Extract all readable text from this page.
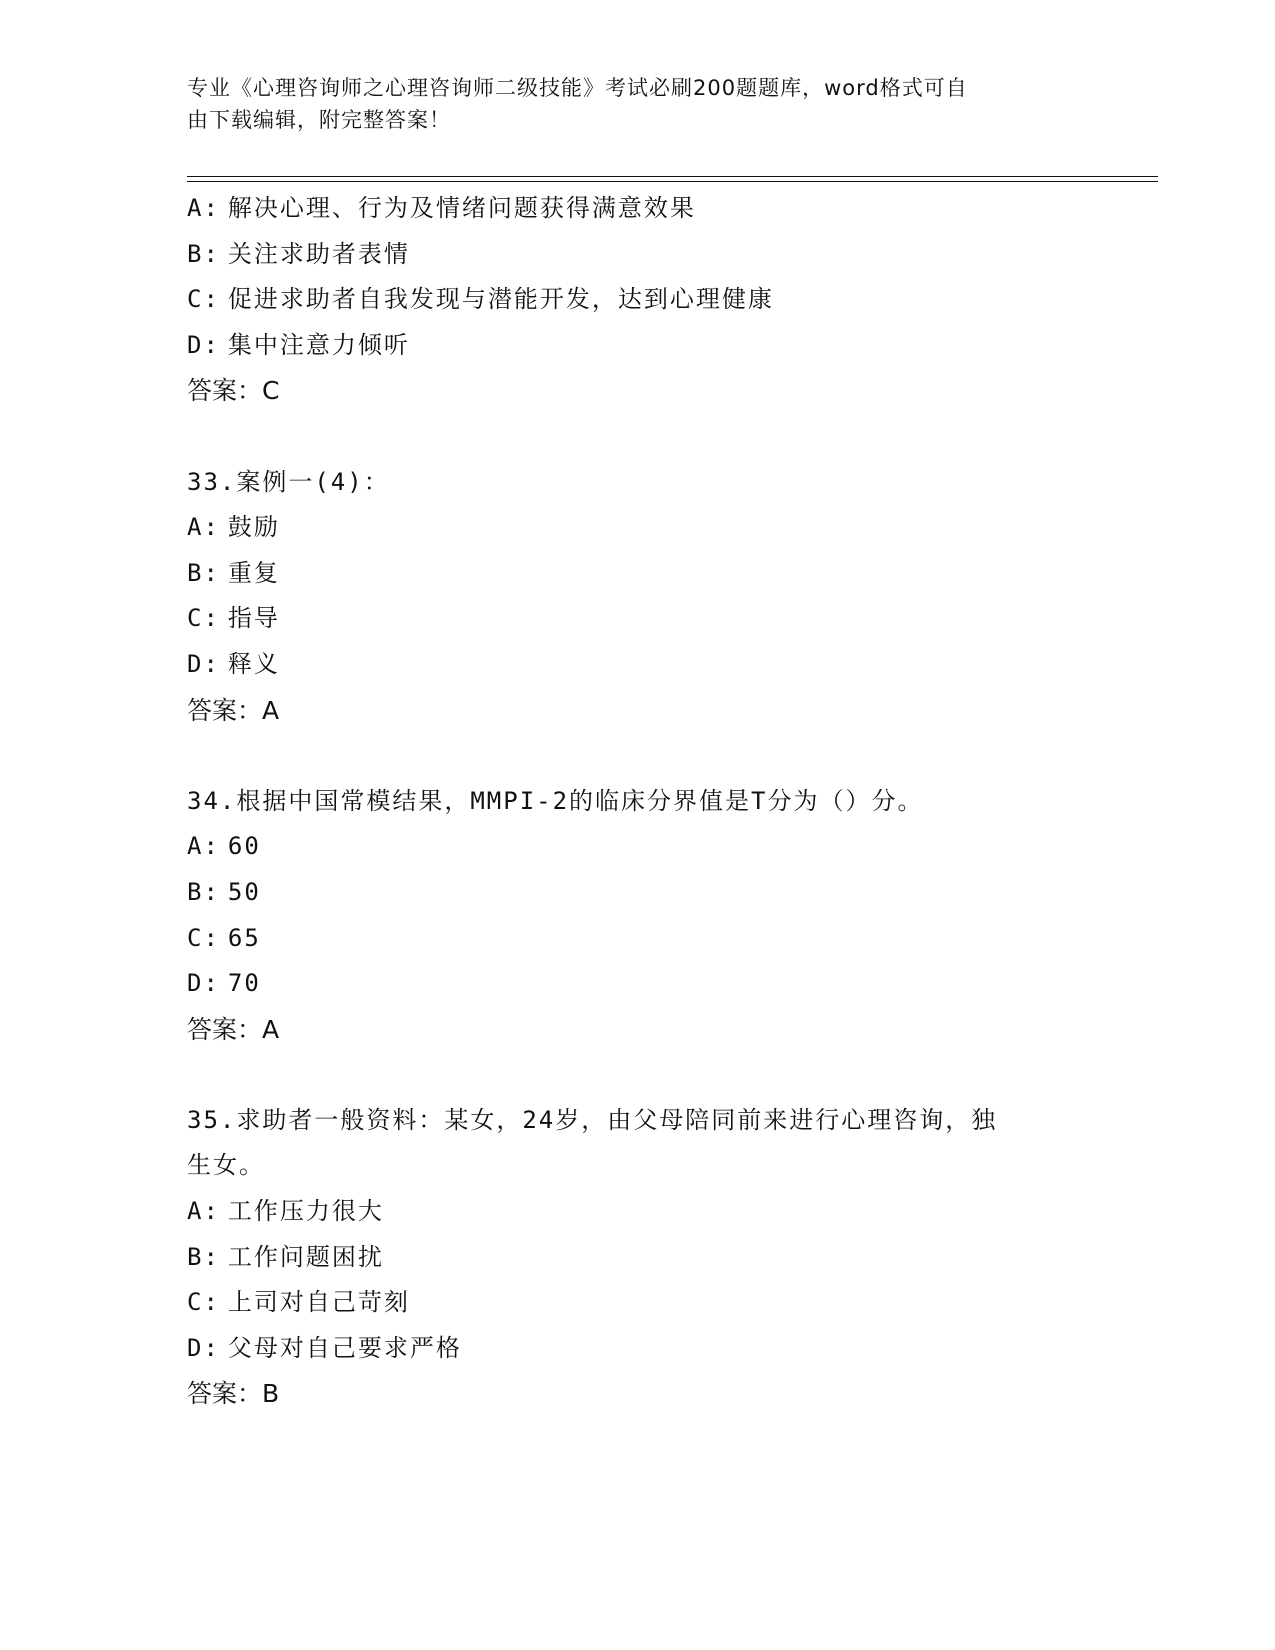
专业《心理咨询师之心理咨询师二级技能》考试必刷200题题库，word格式可自
由下载编辑，附完整答案！
A: 解决心理、行为及情绪问题获得满意效果
B: 关注求助者表情
C: 促进求助者自我发现与潜能开发，达到心理健康
D: 集中注意力倾听
答案：C
33.案例一(4)：
A: 鼓励
B: 重复
C: 指导
D: 释义
答案：A
34.根据中国常模结果，MMPI-2的临床分界值是T分为（）分。
A: 60
B: 50
C: 65
D: 70
答案：A
35.求助者一般资料：某女，24岁，由父母陪同前来进行心理咨询，独
生女。
A: 工作压力很大
B: 工作问题困扰
C: 上司对自己苛刻
D: 父母对自己要求严格
答案：B
